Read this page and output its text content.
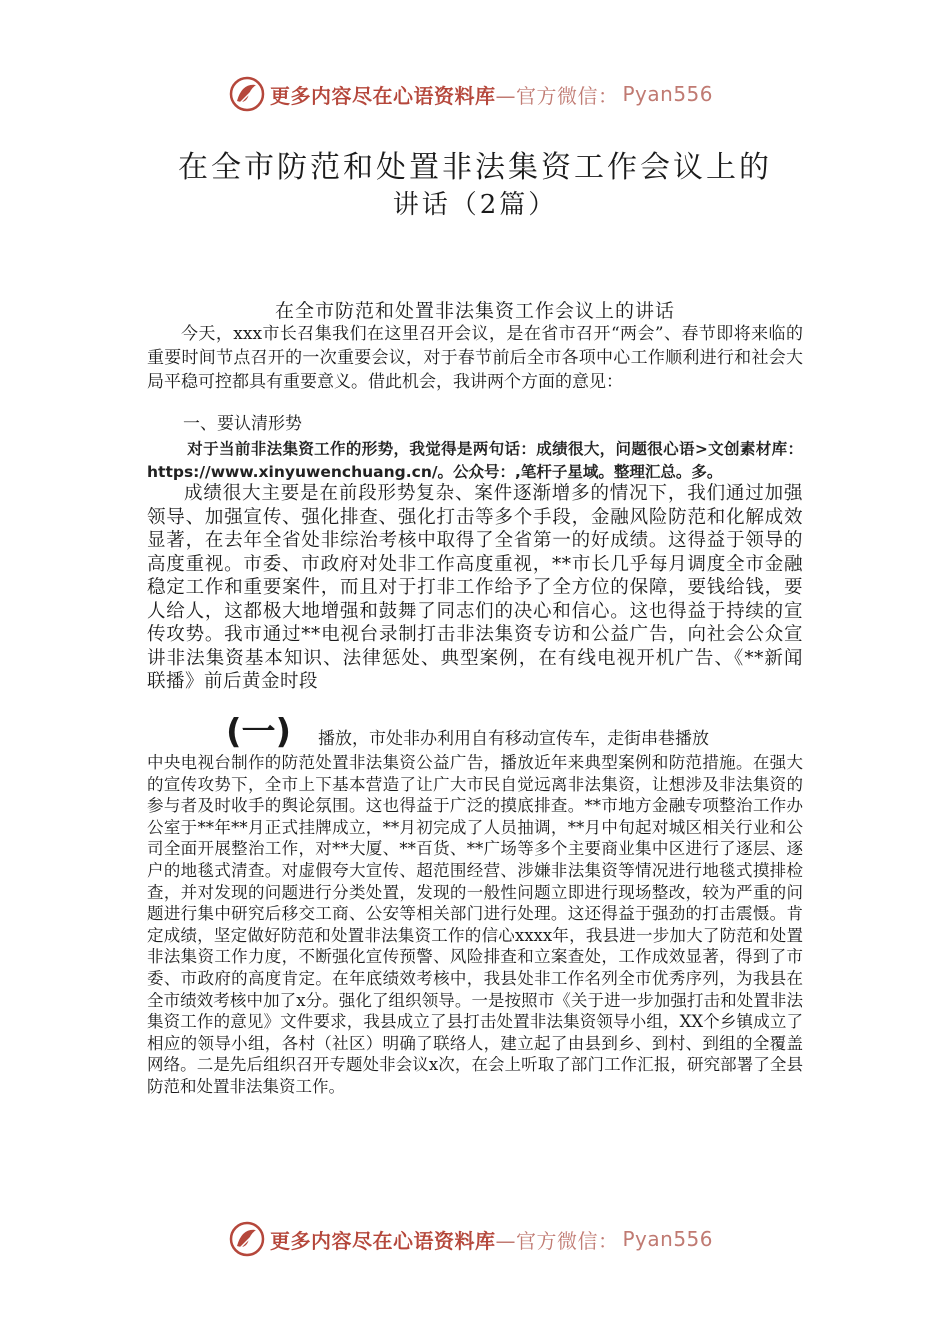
更多内容尽在心语资料库 —官方微信： Pyan556
在全市防范和处置非法集资工作会议上的
讲话（2篇）
在全市防范和处置非法集资工作会议上的讲话

今天，xxx市长召集我们在这里召开会议，是在省市召开“两会”、春节即将来临的重要时间节点召开的一次重要会议，对于春节前后全市各项中心工作顺利进行和社会大局平稳可控都具有重要意义。借此机会，我讲两个方面的意见：

一、要认清形势

对于当前非法集资工作的形势，我觉得是两句话：成绩很大，问题很心语>文创素材库：https://www.xinyuwenchuang.cn/。公众号：,笔杆子星域。整理汇总。多。

成绩很大主要是在前段形势复杂、案件逐渐增多的情况下，我们通过加强领导、加强宣传、强化排查、强化打击等多个手段，金融风险防范和化解成效显著，在去年全省处非综治考核中取得了全省第一的好成绩。这得益于领导的高度重视。市委、市政府对处非工作高度重视，**市长几乎每月调度全市金融稳定工作和重要案件，而且对于打非工作给予了全方位的保障，要钱给钱，要人给人，这都极大地增强和鼓舞了同志们的决心和信心。这也得益于持续的宣传攻势。我市通过**电视台录制打击非法集资专访和公益广告，向社会公众宣讲非法集资基本知识、法律惩处、典型案例，在有线电视开机广告、《**新闻联播》前后黄金时段

(一) 播放，市处非办利用自有移动宣传车，走街串巷播放

中央电视台制作的防范处置非法集资公益广告，播放近年来典型案例和防范措施。在强大的宣传攻势下，全市上下基本营造了让广大市民自觉远离非法集资，让想涉及非法集资的参与者及时收手的舆论氛围。这也得益于广泛的摸底排查。**市地方金融专项整治工作办公室于**年**月正式挂牌成立，**月初完成了人员抽调，**月中旬起对城区相关行业和公司全面开展整治工作，对**大厦、**百货、**广场等多个主要商业集中区进行了逐层、逐户的地毯式清查。对虚假夸大宣传、超范围经营、涉嫌非法集资等情况进行地毯式摸排检查，并对发现的问题进行分类处置，发现的一般性问题立即进行现场整改，较为严重的问题进行集中研究后移交工商、公安等相关部门进行处理。这还得益于强劲的打击震慑。肯定成绩，坚定做好防范和处置非法集资工作的信心xxxx年，我县进一步加大了防范和处置非法集资工作力度，不断强化宣传预警、风险排查和立案查处，工作成效显著，得到了市委、市政府的高度肯定。在年底绩效考核中，我县处非工作名列全市优秀序列，为我县在全市绩效考核中加了x分。强化了组织领导。一是按照市《关于进一步加强打击和处置非法集资工作的意见》文件要求，我县成立了县打击处置非法集资领导小组，XX个乡镇成立了相应的领导小组，各村（社区）明确了联络人，建立起了由县到乡、到村、到组的全覆盖网络。二是先后组织召开专题处非会议x次，在会上听取了部门工作汇报，研究部署了全县防范和处置非法集资工作。

更多内容尽在心语资料库 —官方微信： Pyan556
